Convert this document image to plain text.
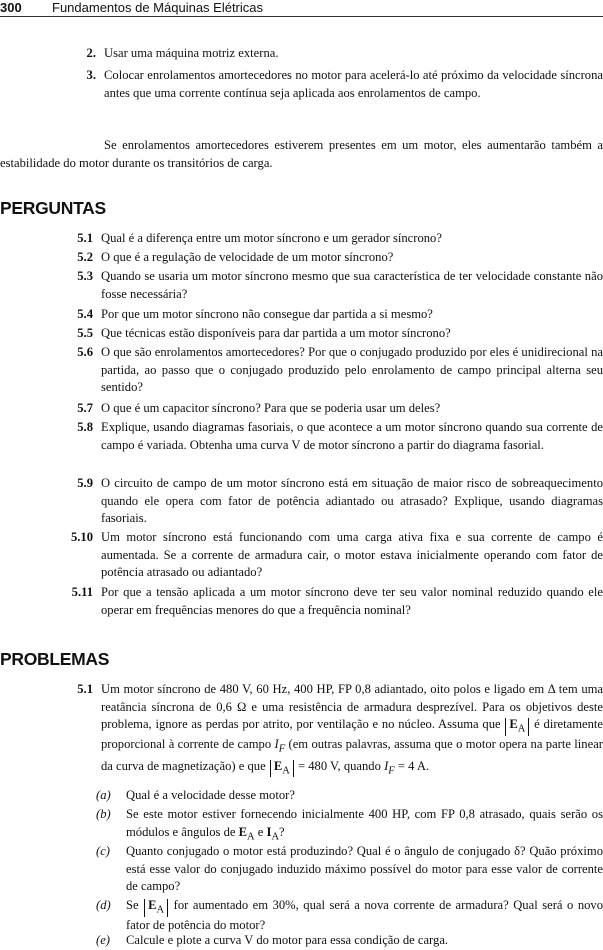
300 Fundamentos de Máquinas Elétricas
2. Usar uma máquina motriz externa.
3. Colocar enrolamentos amortecedores no motor para acelerá-lo até próximo da velocidade síncrona antes que uma corrente contínua seja aplicada aos enrolamentos de campo.
Se enrolamentos amortecedores estiverem presentes em um motor, eles aumentarão também a estabilidade do motor durante os transitórios de carga.
PERGUNTAS
5.1 Qual é a diferença entre um motor síncrono e um gerador síncrono?
5.2 O que é a regulação de velocidade de um motor síncrono?
5.3 Quando se usaria um motor síncrono mesmo que sua característica de ter velocidade constante não fosse necessária?
5.4 Por que um motor síncrono não consegue dar partida a si mesmo?
5.5 Que técnicas estão disponíveis para dar partida a um motor síncrono?
5.6 O que são enrolamentos amortecedores? Por que o conjugado produzido por eles é unidirecional na partida, ao passo que o conjugado produzido pelo enrolamento de campo principal alterna seu sentido?
5.7 O que é um capacitor síncrono? Para que se poderia usar um deles?
5.8 Explique, usando diagramas fasoriais, o que acontece a um motor síncrono quando sua corrente de campo é variada. Obtenha uma curva V de motor síncrono a partir do diagrama fasorial.
5.9 O circuito de campo de um motor síncrono está em situação de maior risco de sobreaquecimento quando ele opera com fator de potência adiantado ou atrasado? Explique, usando diagramas fasoriais.
5.10 Um motor síncrono está funcionando com uma carga ativa fixa e sua corrente de campo é aumentada. Se a corrente de armadura cair, o motor estava inicialmente operando com fator de potência atrasado ou adiantado?
5.11 Por que a tensão aplicada a um motor síncrono deve ter seu valor nominal reduzido quando ele operar em frequências menores do que a frequência nominal?
PROBLEMAS
5.1 Um motor síncrono de 480 V, 60 Hz, 400 HP, FP 0,8 adiantado, oito polos e ligado em Δ tem uma reatância síncrona de 0,6 Ω e uma resistência de armadura desprezível. Para os objetivos deste problema, ignore as perdas por atrito, por ventilação e no núcleo. Assuma que $E_A$ é diretamente proporcional à corrente de campo $I_F$ (em outras palavras, assuma que o motor opera na parte linear da curva de magnetização) e que $E_A = 480$ V, quando $I_F = 4$ A.
(a) Qual é a velocidade desse motor?
(b) Se este motor estiver fornecendo inicialmente 400 HP, com FP 0,8 atrasado, quais serão os módulos e ângulos de $E_A$ e $I_A$?
(c) Quanto conjugado o motor está produzindo? Qual é o ângulo de conjugado δ? Quão próximo está esse valor do conjugado induzido máximo possível do motor para esse valor de corrente de campo?
(d) Se $E_A$ for aumentado em 30%, qual será a nova corrente de armadura? Qual será o novo fator de potência do motor?
(e) Calcule e plote a curva V do motor para essa condição de carga.
